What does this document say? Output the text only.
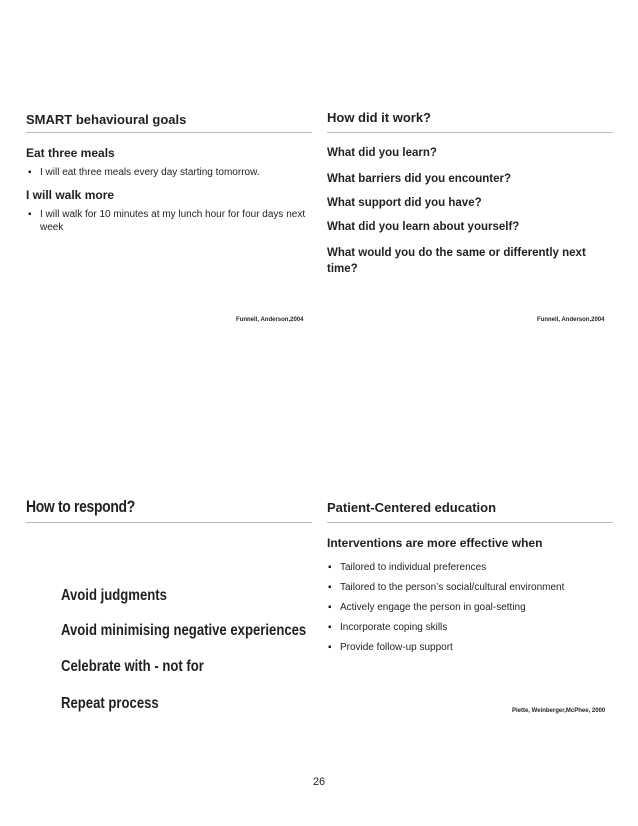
SMART behavioural goals
Eat three meals
▪ I will eat three meals every day starting tomorrow.
I will walk more
▪ I will walk for 10 minutes at my lunch hour for four days next week
Funnell, Anderson,2004
How did it work?
What did you learn?
What barriers did you encounter?
What support did you have?
What did you learn about yourself?
What would you do the same or differently next time?
Funnell, Anderson,2004
How to respond?
Avoid judgments
Avoid minimising negative experiences
Celebrate with - not for
Repeat process
Patient-Centered education
Interventions are more effective when
▪ Tailored to individual preferences
▪ Tailored to the person’s social/cultural environment
▪ Actively engage the person in goal-setting
▪ Incorporate coping skills
▪ Provide follow-up support
Piette, Weinberger,McPhee, 2000
26
